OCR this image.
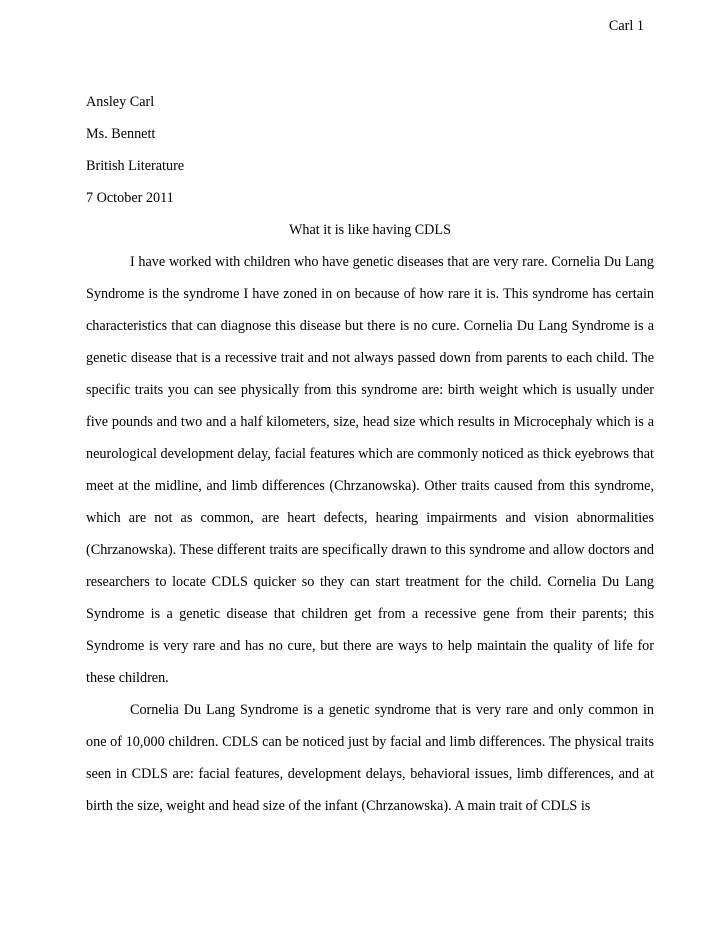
Carl 1

Ansley Carl

Ms. Bennett

British Literature

7 October 2011

What it is like having CDLS

I have worked with children who have genetic diseases that are very rare. Cornelia Du Lang Syndrome is the syndrome I have zoned in on because of how rare it is. This syndrome has certain characteristics that can diagnose this disease but there is no cure. Cornelia Du Lang Syndrome is a genetic disease that is a recessive trait and not always passed down from parents to each child. The specific traits you can see physically from this syndrome are: birth weight which is usually under five pounds and two and a half kilometers, size, head size which results in Microcephaly which is a neurological development delay, facial features which are commonly noticed as thick eyebrows that meet at the midline, and limb differences (Chrzanowska). Other traits caused from this syndrome, which are not as common, are heart defects, hearing impairments and vision abnormalities (Chrzanowska). These different traits are specifically drawn to this syndrome and allow doctors and researchers to locate CDLS quicker so they can start treatment for the child. Cornelia Du Lang Syndrome is a genetic disease that children get from a recessive gene from their parents; this Syndrome is very rare and has no cure, but there are ways to help maintain the quality of life for these children.

Cornelia Du Lang Syndrome is a genetic syndrome that is very rare and only common in one of 10,000 children. CDLS can be noticed just by facial and limb differences. The physical traits seen in CDLS are: facial features, development delays, behavioral issues, limb differences, and at birth the size, weight and head size of the infant (Chrzanowska). A main trait of CDLS is
